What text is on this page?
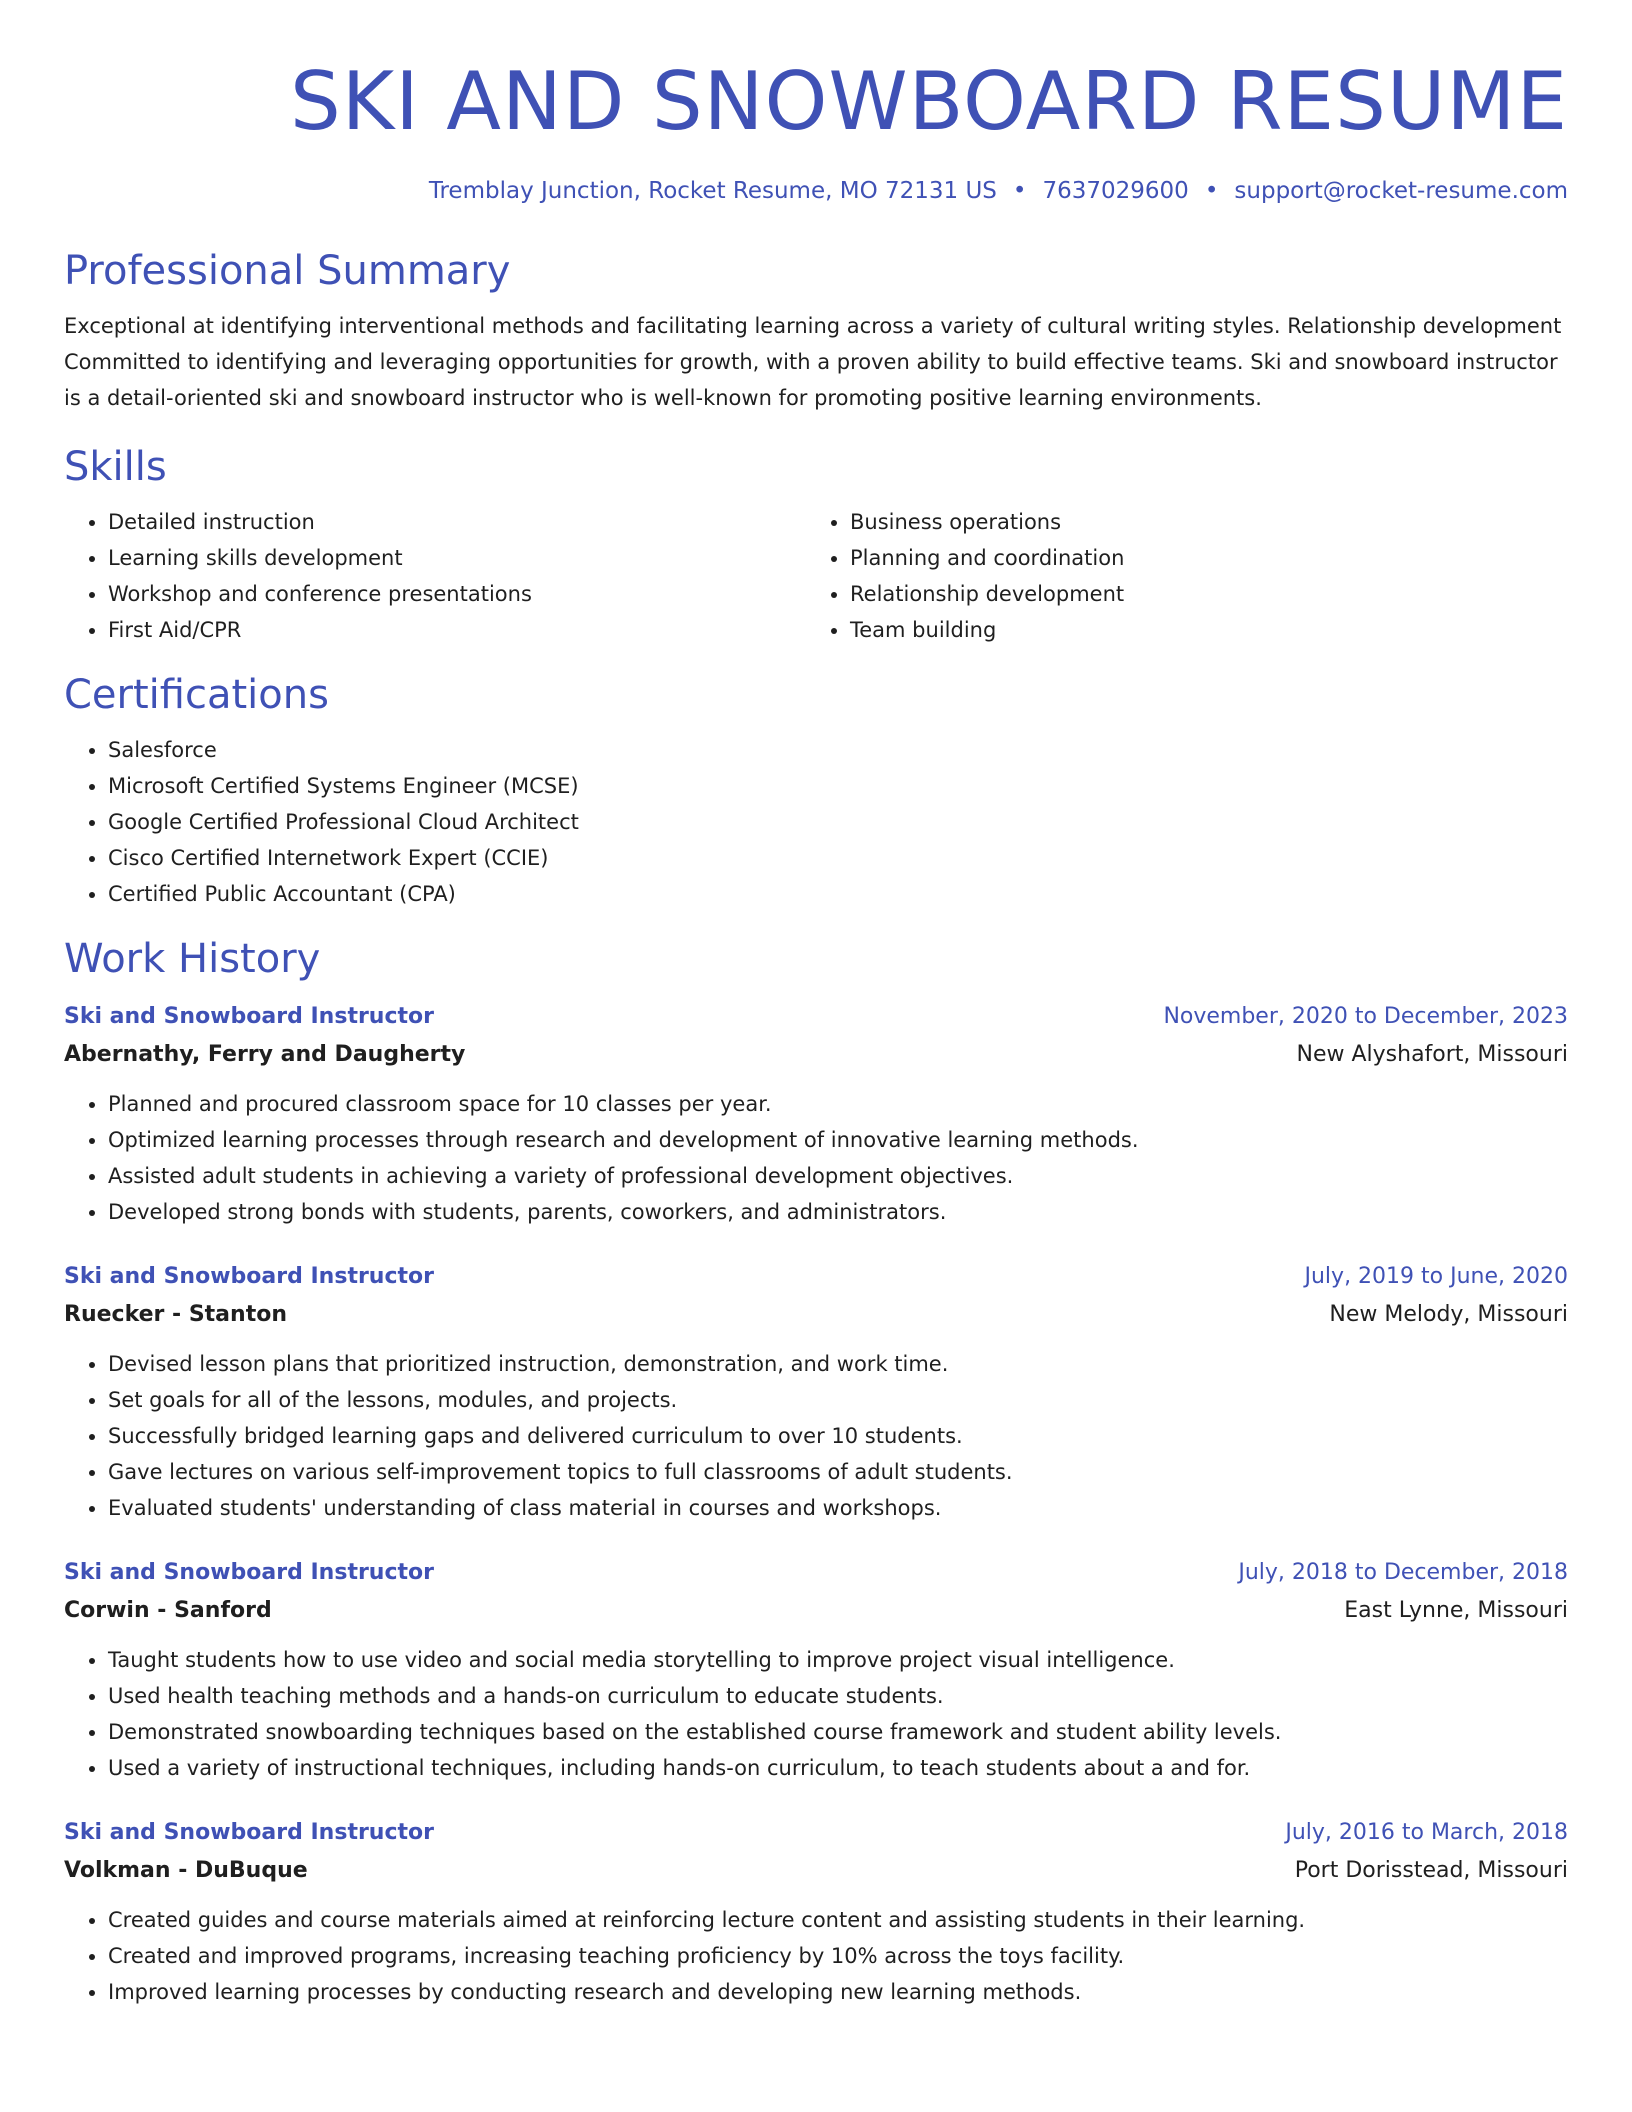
SKI AND SNOWBOARD RESUME
Tremblay Junction, Rocket Resume, MO 72131 US • 7637029600 • support@rocket-resume.com
Professional Summary
Exceptional at identifying interventional methods and facilitating learning across a variety of cultural writing styles. Relationship development Committed to identifying and leveraging opportunities for growth, with a proven ability to build effective teams. Ski and snowboard instructor is a detail-oriented ski and snowboard instructor who is well-known for promoting positive learning environments.
Skills
• Detailed instruction
• Learning skills development
• Workshop and conference presentations
• First Aid/CPR
• Business operations
• Planning and coordination
• Relationship development
• Team building
Certifications
• Salesforce
• Microsoft Certified Systems Engineer (MCSE)
• Google Certified Professional Cloud Architect
• Cisco Certified Internetwork Expert (CCIE)
• Certified Public Accountant (CPA)
Work History
Ski and Snowboard Instructor	November, 2020 to December, 2023
Abernathy, Ferry and Daugherty	New Alyshafort, Missouri
• Planned and procured classroom space for 10 classes per year.
• Optimized learning processes through research and development of innovative learning methods.
• Assisted adult students in achieving a variety of professional development objectives.
• Developed strong bonds with students, parents, coworkers, and administrators.
Ski and Snowboard Instructor	July, 2019 to June, 2020
Ruecker - Stanton	New Melody, Missouri
• Devised lesson plans that prioritized instruction, demonstration, and work time.
• Set goals for all of the lessons, modules, and projects.
• Successfully bridged learning gaps and delivered curriculum to over 10 students.
• Gave lectures on various self-improvement topics to full classrooms of adult students.
• Evaluated students' understanding of class material in courses and workshops.
Ski and Snowboard Instructor	July, 2018 to December, 2018
Corwin - Sanford	East Lynne, Missouri
• Taught students how to use video and social media storytelling to improve project visual intelligence.
• Used health teaching methods and a hands-on curriculum to educate students.
• Demonstrated snowboarding techniques based on the established course framework and student ability levels.
• Used a variety of instructional techniques, including hands-on curriculum, to teach students about a and for.
Ski and Snowboard Instructor	July, 2016 to March, 2018
Volkman - DuBuque	Port Dorisstead, Missouri
• Created guides and course materials aimed at reinforcing lecture content and assisting students in their learning.
• Created and improved programs, increasing teaching proficiency by 10% across the toys facility.
• Improved learning processes by conducting research and developing new learning methods.
